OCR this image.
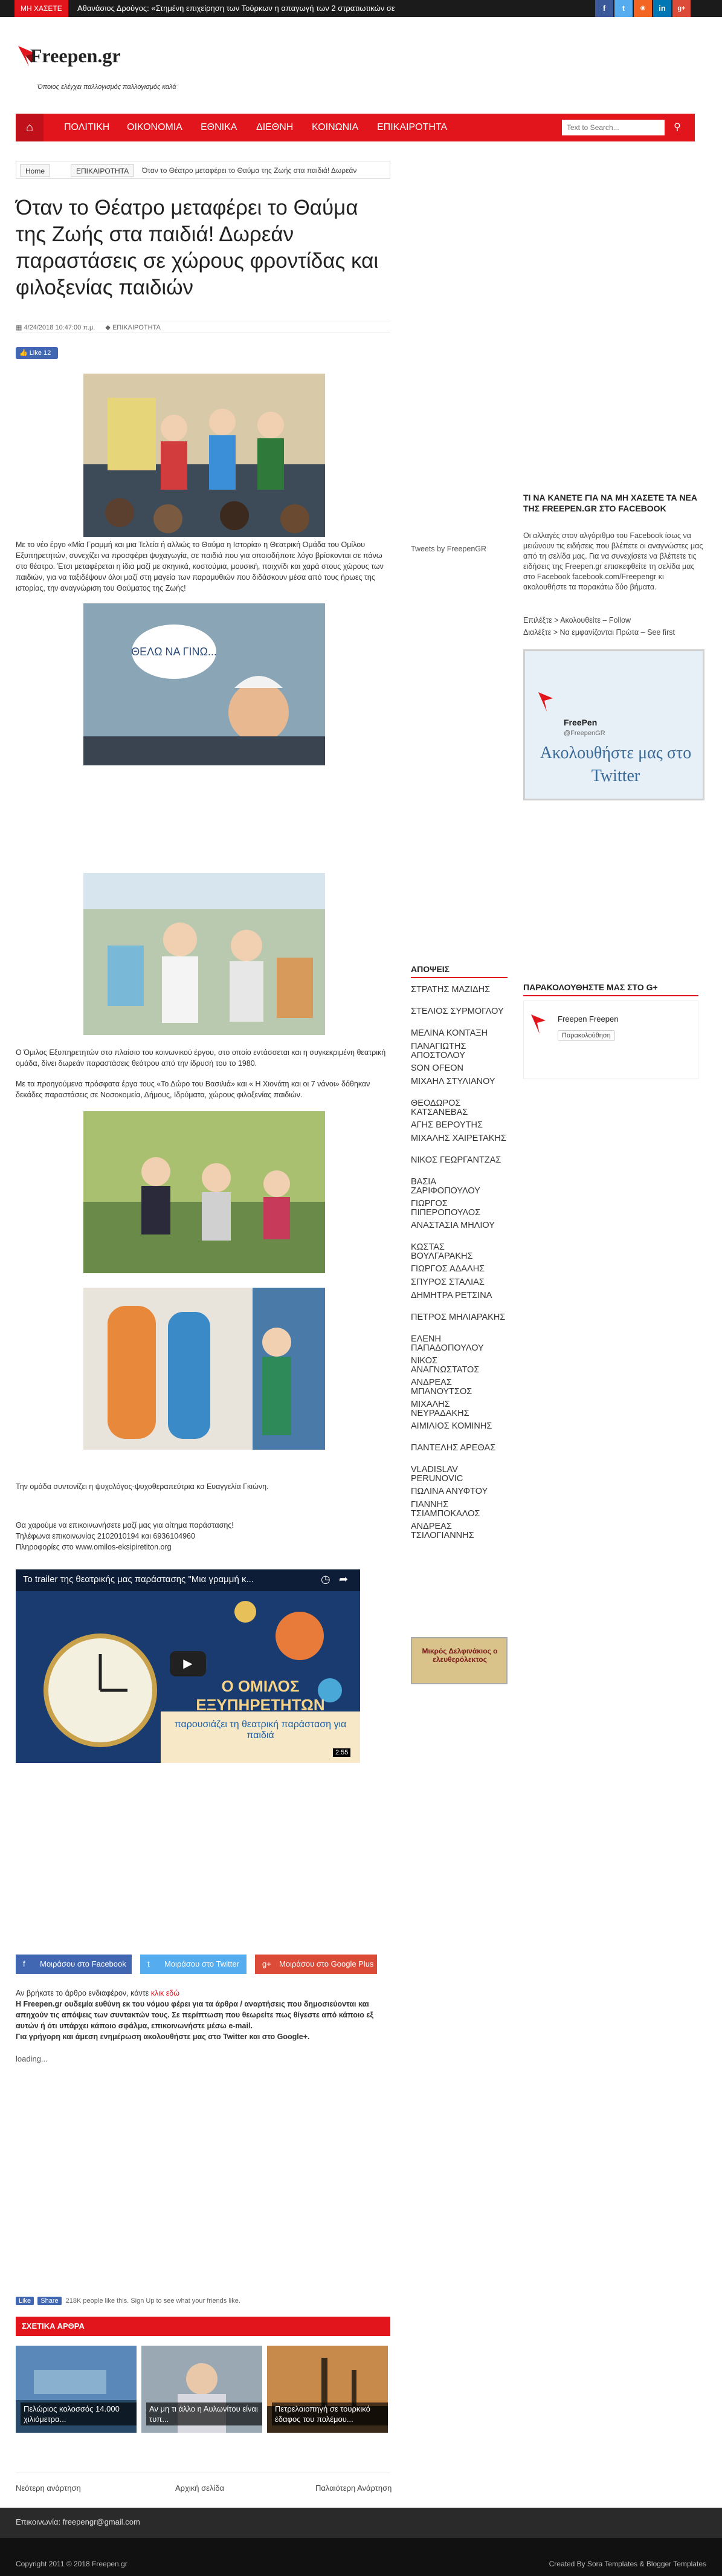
ΜΗ ΧΑΣΕΤΕ	Αθανάσιος Δρούγος: «Στημένη επιχείρηση των Τούρκων η απαγωγή των 2 στρατιωτικών σε	f	t	◉	in	g+
Freepen.gr
Όποιος ελέγχει παλλογισμός παλλογισμός καλά
⌂	ΠΟΛΙΤΙΚΗ ΟΙΚΟΝΟΜΙΑ ΕΘΝΙΚΑ ΔΙΕΘΝΗ ΚΟΙΝΩΝΙΑ ΕΠΙΚΑΙΡΟΤΗΤΑ
Text to Search...	⚲
Home	ΕΠΙΚΑΙΡΟΤΗΤΑ	Όταν το Θέατρο μεταφέρει το Θαύμα της Ζωής στα παιδιά! Δωρεάν
Όταν το Θέατρο μεταφέρει το Θαύμα της Ζωής στα παιδιά! Δωρεάν παραστάσεις σε χώρους φροντίδας και φιλοξενίας παιδιών
▦ 4/24/2018 10:47:00 π.μ. ◆ ΕΠΙΚΑΙΡΟΤΗΤΑ
👍 Like 12
Με το νέο έργο «Μία Γραμμή και μια Τελεία ή αλλιώς το Θαύμα η Ιστορία» η Θεατρική Ομάδα του Ομίλου Εξυπηρετητών, συνεχίζει να προσφέρει ψυχαγωγία, σε παιδιά που για οποιοδήποτε λόγο βρίσκονται σε πάνω στο θέατρο. Έτσι μεταφέρεται η ίδια μαζί με σκηνικά, κοστούμια, μουσική, παιχνίδι και χαρά στους χώρους των παιδιών, για να ταξιδέψουν όλοι μαζί στη μαγεία των παραμυθιών που διδάσκουν μέσα από τους ήρωες της ιστορίας, την αναγνώριση του Θαύματος της Ζωής!
ΘΕΛΩ ΝΑ ΓΙΝΩ...
Ο Όμιλος Εξυπηρετητών στο πλαίσιο του κοινωνικού έργου, στο οποίο εντάσσεται και η συγκεκριμένη θεατρική ομάδα, δίνει δωρεάν παραστάσεις θεάτρου από την ίδρυσή του το 1980.
Με τα προηγούμενα πρόσφατα έργα τους «Το Δώρο του Βασιλιά» και « Η Χιονάτη και οι 7 νάνοι» δόθηκαν δεκάδες παραστάσεις σε Νοσοκομεία, Δήμους, Ιδρύματα, χώρους φιλοξενίας παιδιών.
Την ομάδα συντονίζει η ψυχολόγος-ψυχοθεραπεύτρια κα Ευαγγελία Γκιώνη.
Θα χαρούμε να επικοινωνήσετε μαζί μας για αίτημα παράστασης!
Τηλέφωνα επικοινωνίας 2102010194 και 6936104960
Πληροφορίες στο www.omilos-eksipiretiton.org
Το trailer της θεατρικής μας παράστασης "Μια γραμμή κ...	◷ ➦
▶
Ο ΟΜΙΛΟΣ ΕΞΥΠΗΡΕΤΗΤΩΝ
παρουσιάζει τη θεατρική παράσταση για παιδιά
2:55
f Μοιράσου στο Facebook	t Μοιράσου στο Twitter	g+ Μοιράσου στο Google Plus
Αν βρήκατε το άρθρο ενδιαφέρον, κάντε κλικ εδώ
Η Freepen.gr ουδεμία ευθύνη εκ του νόμου φέρει για τα άρθρα / αναρτήσεις που δημοσιεύονται και απηχούν τις απόψεις των συντακτών τους. Σε περίπτωση που θεωρείτε πως θίγεστε από κάποιο εξ αυτών ή ότι υπάρχει κάποιο σφάλμα, επικοινωνήστε μέσω e-mail.
Για γρήγορη και άμεση ενημέρωση ακολουθήστε μας στο Twitter και στο Google+.
loading...
Like Share 218K people like this. Sign Up to see what your friends like.
ΣΧΕΤΙΚΑ ΑΡΘΡΑ
Πελώριος κολοσσός 14.000 χιλιόμετρα...
Αν μη τι άλλο η Αυλωνίτου είναι τυπ...
Πετρελαιοπηγή σε τουρκικό έδαφος του πολέμου...
Νεότερη ανάρτηση	Αρχική σελίδα	Παλαιότερη Ανάρτηση
Επικοινωνία: freepengr@gmail.com
Copyright 2011 © 2018 Freepen.gr	Created By Sora Templates & Blogger Templates
Tweets by FreepenGR
ΤΙ ΝΑ ΚΑΝΕΤΕ ΓΙΑ ΝΑ ΜΗ ΧΑΣΕΤΕ ΤΑ ΝΕΑ ΤΗΣ FREEPEN.GR ΣΤΟ FACEBOOK
Οι αλλαγές στον αλγόριθμο του Facebook ίσως να μειώνουν τις ειδήσεις που βλέπετε οι αναγνώστες μας από τη σελίδα μας. Για να συνεχίσετε να βλέπετε τις ειδήσεις της Freepen.gr επισκεφθείτε τη σελίδα μας στο Facebook facebook.com/Freepengr κι ακολουθήστε τα παρακάτω δύο βήματα.
Επιλέξτε > Ακολουθείτε – Follow
Διαλέξτε > Να εμφανίζονται Πρώτα – See first
FreePen
@FreepenGR
Ακολουθήστε μας στο Twitter
ΑΠΟΨΕΙΣ
ΣΤΡΑΤΗΣ ΜΑΖΙΔΗΣ
ΣΤΕΛΙΟΣ ΣΥΡΜΟΓΛΟΥ
ΜΕΛΙΝΑ ΚΟΝΤΑΞΗ
ΠΑΝΑΓΙΩΤΗΣ ΑΠΟΣΤΟΛΟΥ
SON OFEON
ΜΙΧΑΗΛ ΣΤΥΛΙΑΝΟΥ
ΘΕΟΔΩΡΟΣ ΚΑΤΣΑΝΕΒΑΣ
ΑΓΗΣ ΒΕΡΟΥΤΗΣ
ΜΙΧΑΛΗΣ ΧΑΙΡΕΤΑΚΗΣ
ΝΙΚΟΣ ΓΕΩΡΓΑΝΤΖΑΣ
ΒΑΣΙΑ ΖΑΡΙΦΟΠΟΥΛΟΥ
ΓΙΩΡΓΟΣ ΠΙΠΕΡΟΠΟΥΛΟΣ
ΑΝΑΣΤΑΣΙΑ ΜΗΛΙΟΥ
ΚΩΣΤΑΣ ΒΟΥΛΓΑΡΑΚΗΣ
ΓΙΩΡΓΟΣ ΑΔΑΛΗΣ
ΣΠΥΡΟΣ ΣΤΑΛΙΑΣ
ΔΗΜΗΤΡΑ ΡΕΤΣΙΝΑ
ΠΕΤΡΟΣ ΜΗΛΙΑΡΑΚΗΣ
ΕΛΕΝΗ ΠΑΠΑΔΟΠΟΥΛΟΥ
ΝΙΚΟΣ ΑΝΑΓΝΩΣΤΑΤΟΣ
ΑΝΔΡΕΑΣ ΜΠΑΝΟΥΤΣΟΣ
ΜΙΧΑΛΗΣ ΝΕΥΡΑΔΑΚΗΣ
ΑΙΜΙΛΙΟΣ ΚΟΜΙΝΗΣ
ΠΑΝΤΕΛΗΣ ΑΡΕΘΑΣ
VLADISLAV PERUNOVIC
ΠΩΛΙΝΑ ΑΝΥΦΤΟΥ
ΓΙΑΝΝΗΣ ΤΣΙΑΜΠΟΚΑΛΟΣ
ΑΝΔΡΕΑΣ ΤΣΙΛΟΓΙΑΝΝΗΣ
ΠΑΡΑΚΟΛΟΥΘΗΣΤΕ ΜΑΣ ΣΤΟ G+
Freepen Freepen
Παρακολούθηση
Μικρός Δελφινάκιος ο ελευθερόλεκτος
